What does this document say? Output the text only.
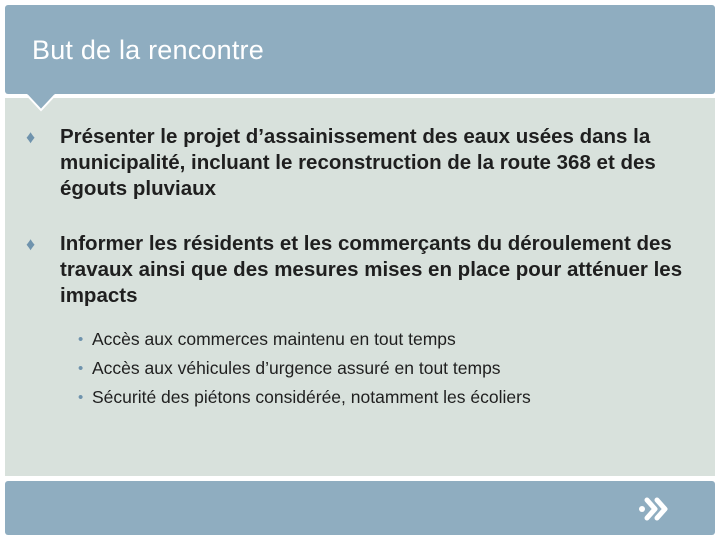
But de la rencontre
♦ Présenter le projet d’assainissement des eaux usées dans la municipalité, incluant le reconstruction de la route 368 et des égouts pluviaux
♦ Informer les résidents et les commerçants du déroulement des travaux ainsi que des mesures mises en place pour atténuer les impacts
• Accès aux commerces maintenu en tout temps
• Accès aux véhicules d’urgence assuré en tout temps
• Sécurité des piétons considérée, notamment les écoliers
